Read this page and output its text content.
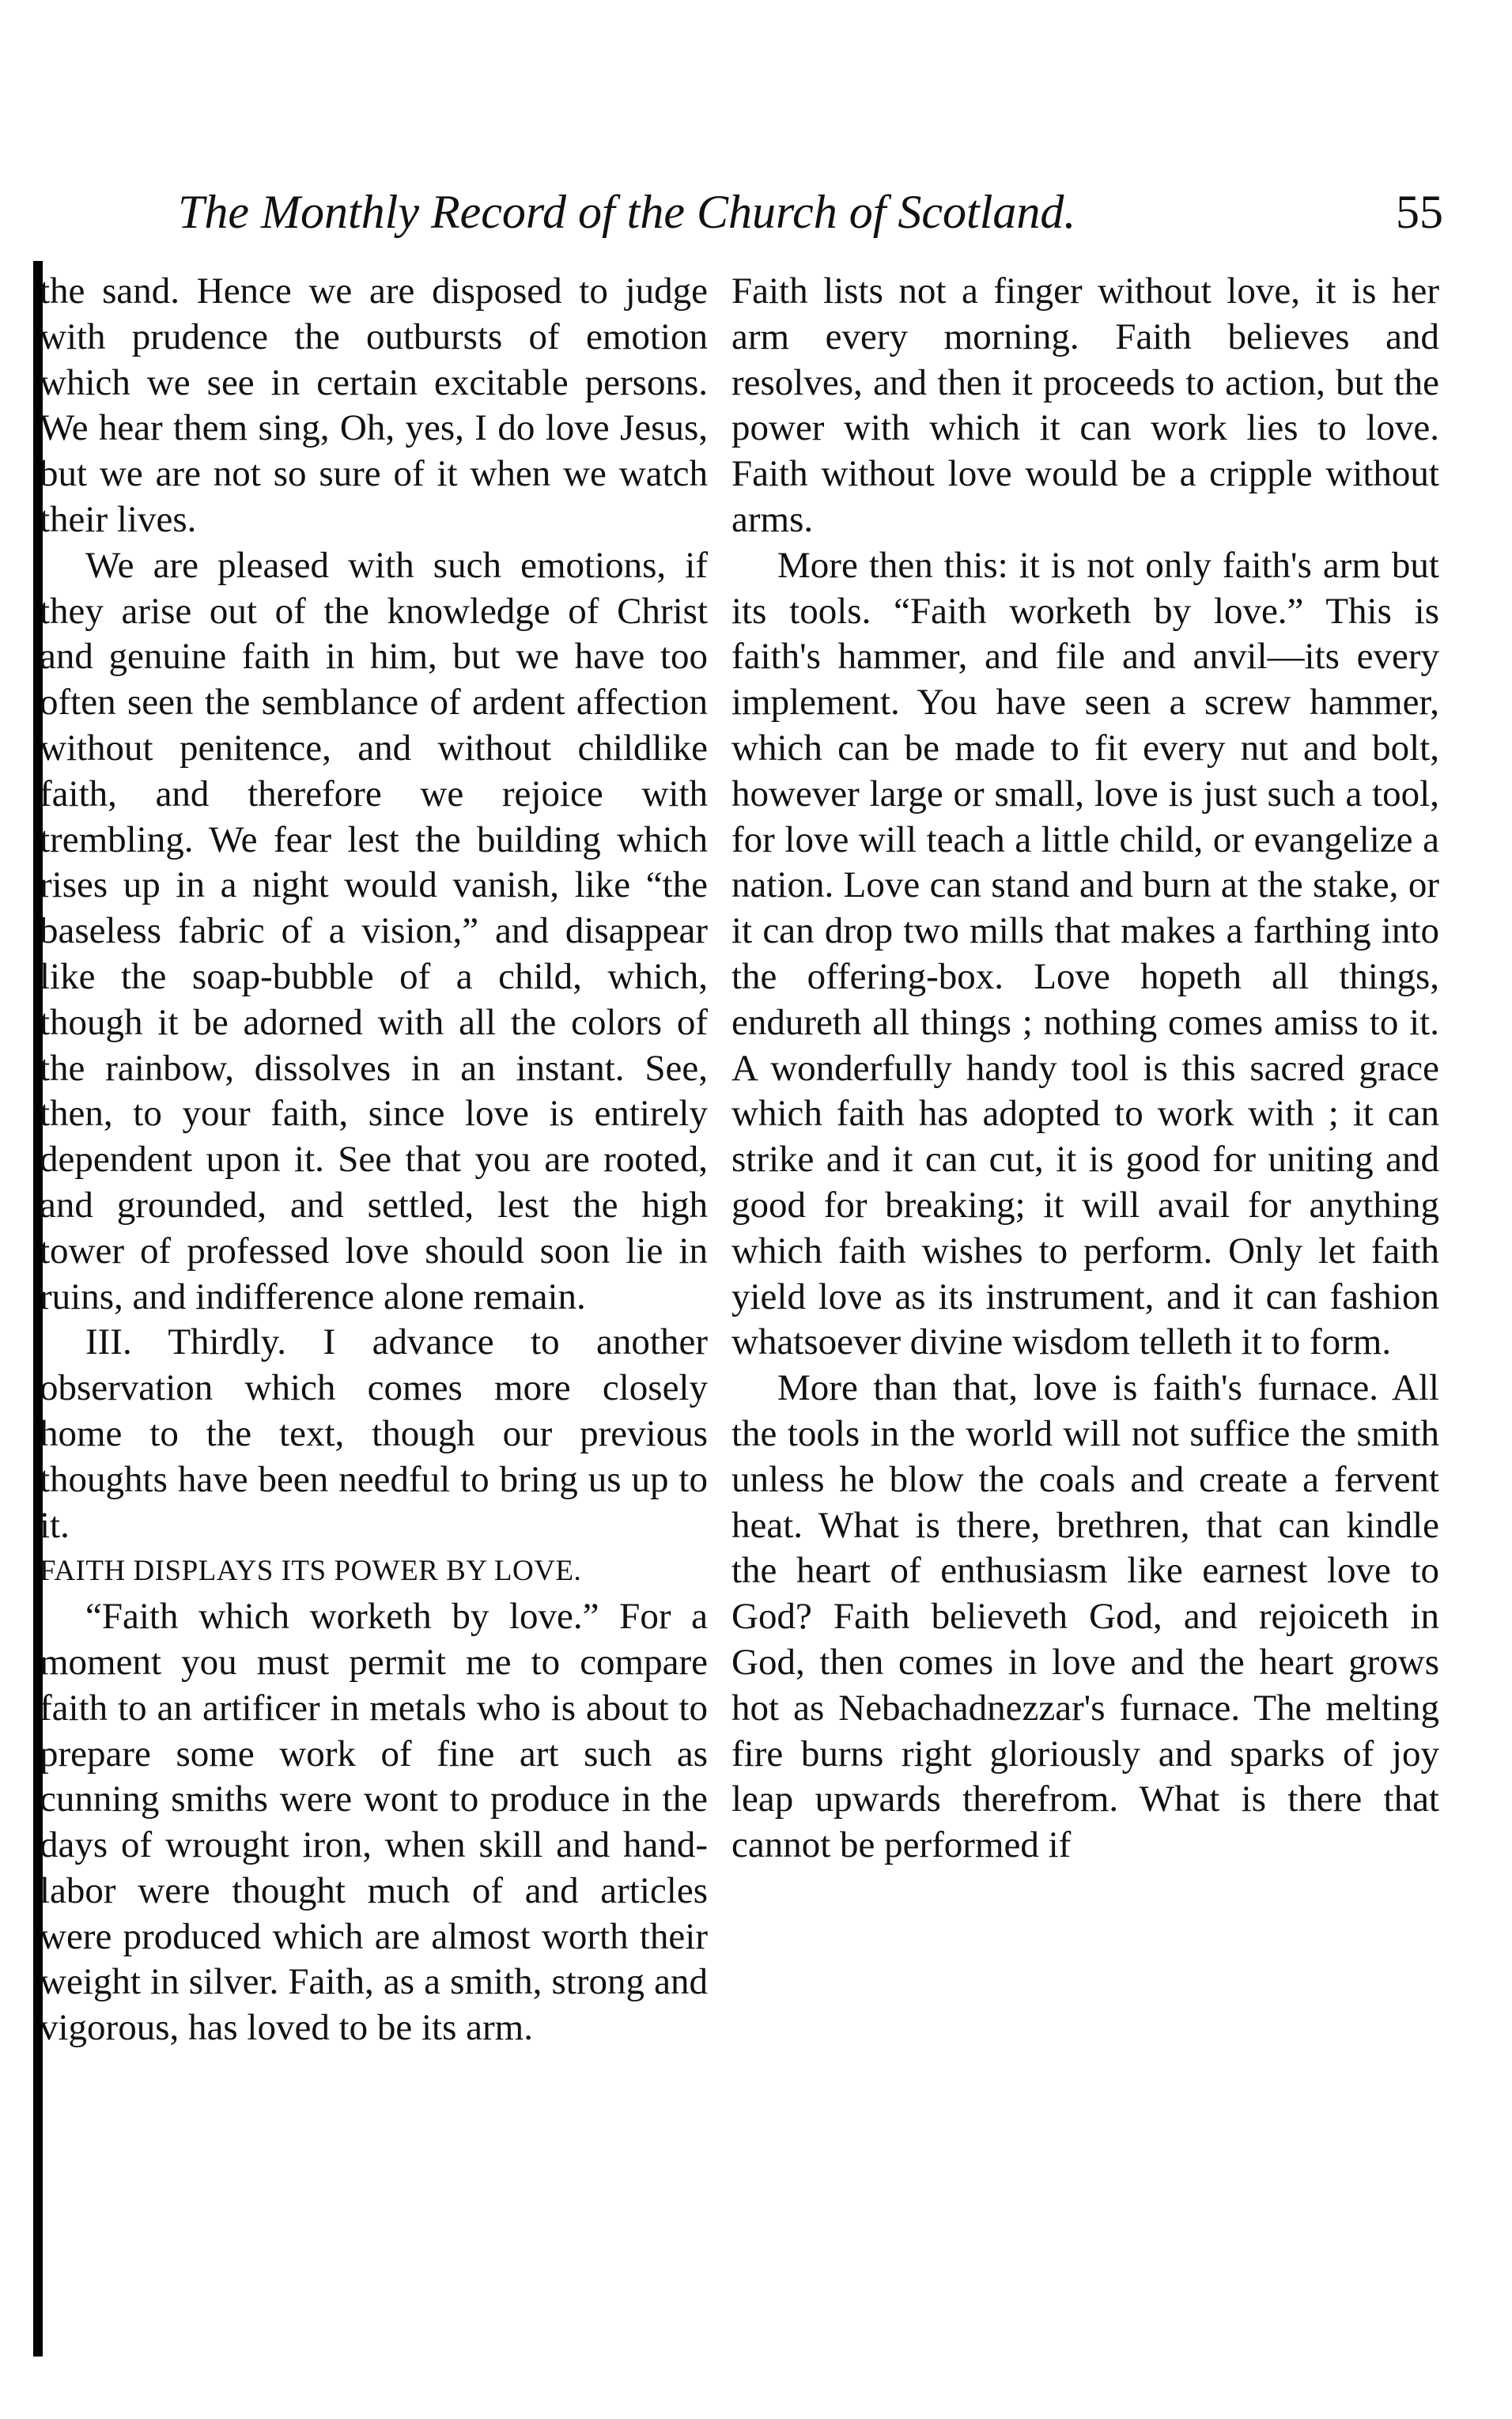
The Monthly Record of the Church of Scotland.	55

the sand. Hence we are disposed to judge with prudence the outbursts of emotion which we see in certain excitable persons. We hear them sing, Oh, yes, I do love Jesus, but we are not so sure of it when we watch their lives.

We are pleased with such emotions, if they arise out of the knowledge of Christ and genuine faith in him, but we have too often seen the semblance of ardent affection without penitence, and without childlike faith, and therefore we rejoice with trembling. We fear lest the building which rises up in a night would vanish, like “the baseless fabric of a vision,” and disappear like the soap-bubble of a child, which, though it be adorned with all the colors of the rainbow, dissolves in an instant. See, then, to your faith, since love is entirely dependent upon it. See that you are rooted, and grounded, and settled, lest the high tower of professed love should soon lie in ruins, and indifference alone remain.

III. Thirdly. I advance to another observation which comes more closely home to the text, though our previous thoughts have been needful to bring us up to it.

FAITH DISPLAYS ITS POWER BY LOVE.

“Faith which worketh by love.” For a moment you must permit me to compare faith to an artificer in metals who is about to prepare some work of fine art such as cunning smiths were wont to produce in the days of wrought iron, when skill and hand-labor were thought much of and articles were produced which are almost worth their weight in silver. Faith, as a smith, strong and vigorous, has loved to be its arm.

Faith lists not a finger without love, it is her arm every morning. Faith believes and resolves, and then it proceeds to action, but the power with which it can work lies to love. Faith without love would be a cripple without arms.

More then this: it is not only faith's arm but its tools. “Faith worketh by love.” This is faith's hammer, and file and anvil—its every implement. You have seen a screw hammer, which can be made to fit every nut and bolt, however large or small, love is just such a tool, for love will teach a little child, or evangelize a nation. Love can stand and burn at the stake, or it can drop two mills that makes a farthing into the offering-box. Love hopeth all things, endureth all things ; nothing comes amiss to it. A wonderfully handy tool is this sacred grace which faith has adopted to work with ; it can strike and it can cut, it is good for uniting and good for breaking; it will avail for anything which faith wishes to perform. Only let faith yield love as its instrument, and it can fashion whatsoever divine wisdom telleth it to form.

More than that, love is faith's furnace. All the tools in the world will not suffice the smith unless he blow the coals and create a fervent heat. What is there, brethren, that can kindle the heart of enthusiasm like earnest love to God? Faith believeth God, and rejoiceth in God, then comes in love and the heart grows hot as Nebachadnezzar's furnace. The melting fire burns right gloriously and sparks of joy leap upwards therefrom. What is there that cannot be performed if
